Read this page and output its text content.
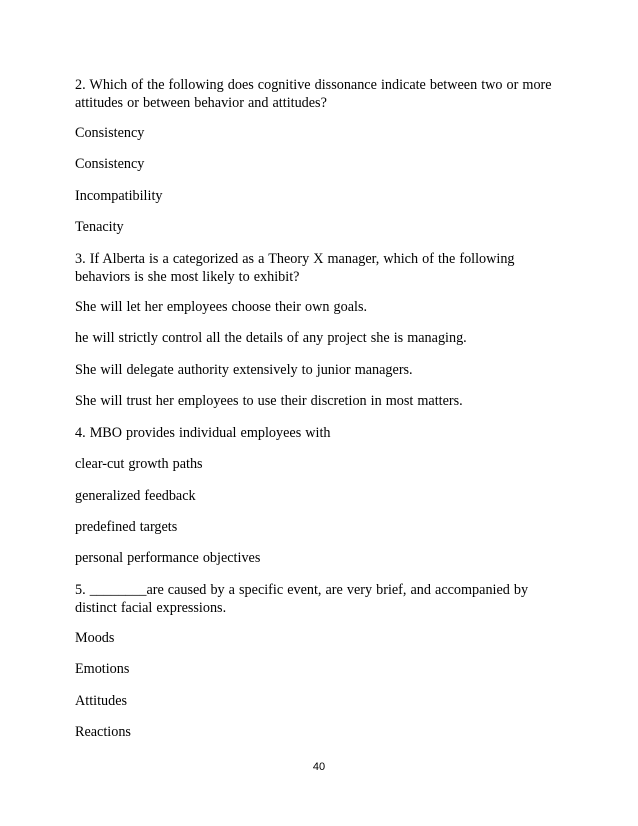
2. Which of the following does cognitive dissonance indicate between two or more
attitudes or between behavior and attitudes?
Consistency
Consistency
Incompatibility
Tenacity
3. If Alberta is a categorized as a Theory X manager, which of the following
behaviors is she most likely to exhibit?
She will let her employees choose their own goals.
he will strictly control all the details of any project she is managing.
She will delegate authority extensively to junior managers.
She will trust her employees to use their discretion in most matters.
4. MBO provides individual employees with
clear-cut growth paths
generalized feedback
predefined targets
personal performance objectives
5. ________are caused by a specific event, are very brief, and accompanied by
distinct facial expressions.
Moods
Emotions
Attitudes
Reactions
40
